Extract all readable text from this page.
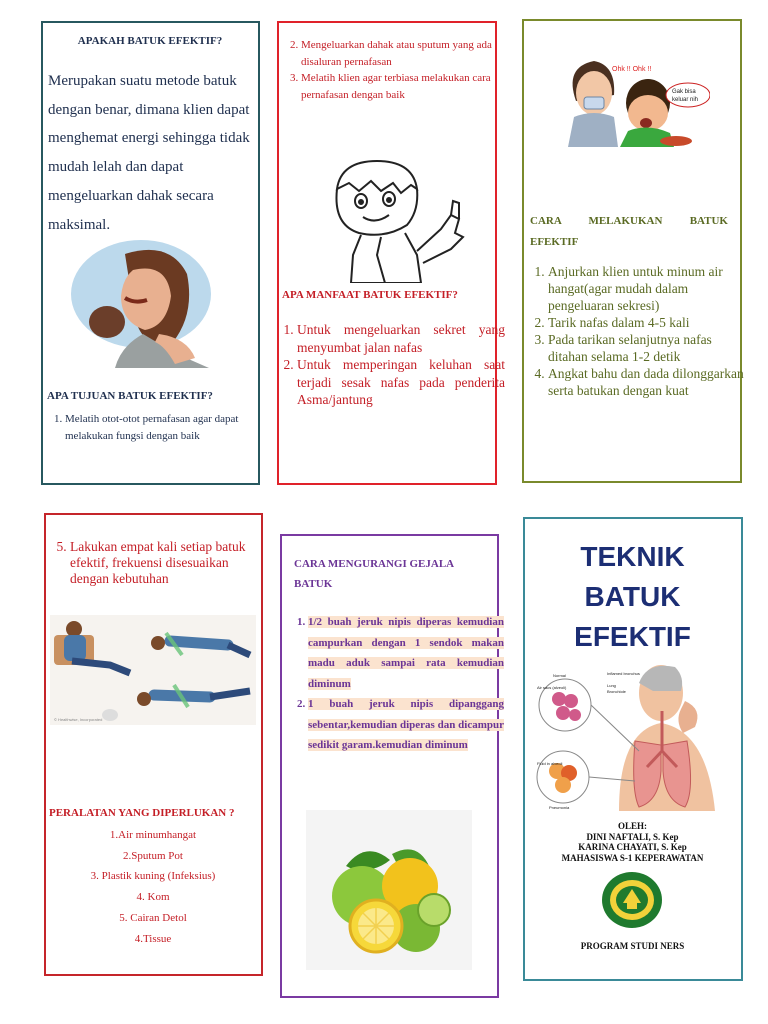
APAKAH BATUK EFEKTIF?
Merupakan suatu metode batuk dengan benar, dimana klien dapat menghemat energi sehingga tidak mudah lelah dan dapat mengeluarkan dahak secara maksimal.
APA TUJUAN BATUK EFEKTIF?
1. Melatih otot-otot pernafasan agar dapat melakukan fungsi dengan baik
2. Mengeluarkan dahak atau sputum yang ada disaluran pernafasan
3. Melatih klien agar terbiasa melakukan cara pernafasan dengan baik
APA MANFAAT BATUK EFEKTIF?
1. Untuk mengeluarkan sekret yang menyumbat jalan nafas
2. Untuk memperingan keluhan saat terjadi sesak nafas pada penderita Asma/jantung
Ohk !! Ohk !!
Gak bisa
keluar nih
CARA MELAKUKAN BATUK EFEKTIF
1. Anjurkan klien untuk minum air hangat(agar mudah dalam pengeluaran sekresi)
2. Tarik nafas dalam 4-5 kali
3. Pada tarikan selanjutnya nafas ditahan selama 1-2 detik
4. Angkat bahu dan dada dilonggarkan serta batukan dengan kuat
5. Lakukan empat kali setiap batuk efektif, frekuensi disesuaikan dengan kebutuhan
© Healthwise, Incorporated
PERALATAN YANG DIPERLUKAN ?
1.Air minumhangat
2.Sputum Pot
3. Plastik kuning (Infeksius)
4. Kom
5. Cairan Detol
4.Tissue
CARA MENGURANGI GEJALA BATUK
1. 1/2 buah jeruk nipis diperas kemudian campurkan dengan 1 sendok makan madu aduk sampai rata kemudian diminum
2. 1 buah jeruk nipis dipanggang sebentar,kemudian diperas dan dicampur sedikit garam.kemudian diminum
TEKNIK
BATUK
EFEKTIF
Normal	Inflamed bronchus
Lung
Bronchiole
Air sacs (alveoli)
Fluid in alveoli
Pneumonia
OLEH:
DINI NAFTALI, S. Kep
KARINA CHAYATI, S. Kep
MAHASISWA S-1 KEPERAWATAN
PROGRAM STUDI NERS
